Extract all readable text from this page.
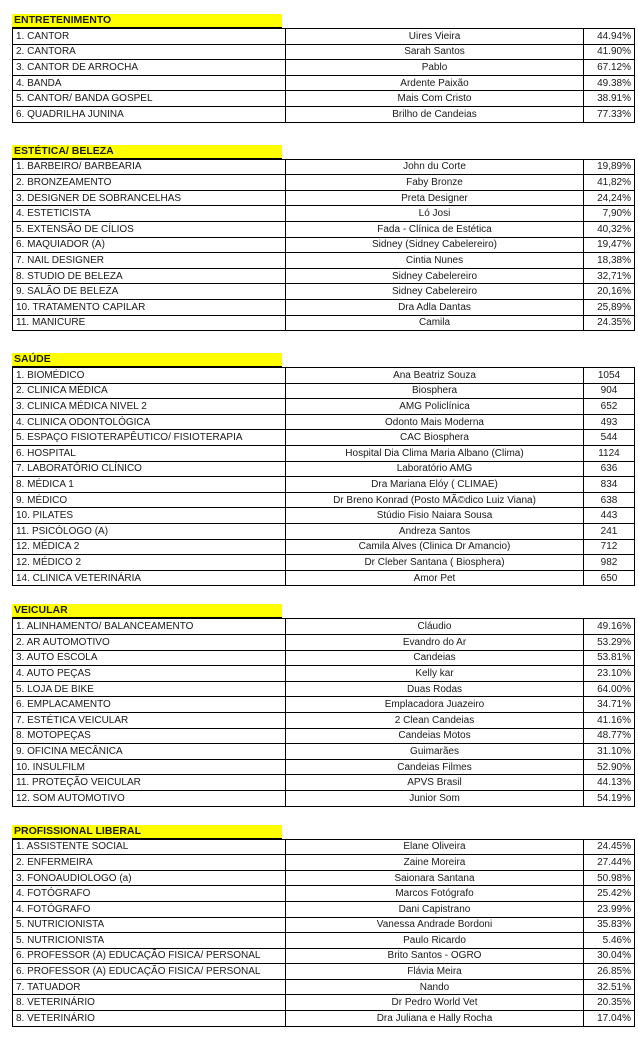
ENTRETENIMENTO
1. CANTOR	Uires Vieira	44.94%
2. CANTORA	Sarah Santos	41.90%
3. CANTOR DE ARROCHA	Pablo	67.12%
4. BANDA	Ardente Paixão	49.38%
5. CANTOR/ BANDA GOSPEL	Mais Com Cristo	38.91%
6. QUADRILHA JUNINA	Brilho de Candeias	77.33%
ESTÉTICA/ BELEZA
1. BARBEIRO/ BARBEARIA	John du Corte	19,89%
2. BRONZEAMENTO	Faby Bronze	41,82%
3. DESIGNER DE SOBRANCELHAS	Preta Designer	24,24%
4. ESTETICISTA	Ló Josi	7,90%
5. EXTENSÃO DE CÍLIOS	Fada - Clínica de Estética	40,32%
6. MAQUIADOR (A)	Sidney (Sidney Cabelereiro)	19,47%
7. NAIL DESIGNER	Cintia Nunes	18,38%
8. STUDIO DE BELEZA	Sidney Cabelereiro	32,71%
9. SALÃO DE BELEZA	Sidney Cabelereiro	20,16%
10. TRATAMENTO CAPILAR	Dra Adla Dantas	25,89%
11. MANICURE	Camila	24.35%
SAÚDE
1. BIOMÉDICO	Ana Beatriz Souza	1054
2. CLINICA MÉDICA	Biosphera	904
3. CLINICA MÉDICA NIVEL 2	AMG Policlínica	652
4. CLINICA ODONTOLÓGICA	Odonto Mais Moderna	493
5. ESPAÇO FISIOTERAPÊUTICO/ FISIOTERAPIA	CAC Biosphera	544
6. HOSPITAL	Hospital Dia Clima Maria Albano (Clima)	1124
7. LABORATÓRIO CLÍNICO	Laboratório AMG	636
8. MÉDICA 1	Dra Mariana Elóy ( CLIMAE)	834
9. MÉDICO	Dr Breno Konrad (Posto MÃ©dico Luiz Viana)	638
10. PILATES	Stúdio Fisio Naiara Sousa	443
11. PSICÓLOGO (A)	Andreza Santos	241
12. MÉDICA 2	Camila Alves (Clinica Dr Amancio)	712
12. MÉDICO 2	Dr Cleber Santana ( Biosphera)	982
14. CLINICA VETERINÁRIA	Amor Pet	650
VEICULAR
1. ALINHAMENTO/ BALANCEAMENTO	Cláudio	49.16%
2. AR AUTOMOTIVO	Evandro do Ar	53.29%
3. AUTO ESCOLA	Candeias	53.81%
4. AUTO PEÇAS	Kelly kar	23.10%
5. LOJA DE BIKE	Duas Rodas	64.00%
6. EMPLACAMENTO	Emplacadora Juazeiro	34.71%
7. ESTÉTICA VEICULAR	2 Clean Candeias	41.16%
8. MOTOPEÇAS	Candeias Motos	48.77%
9. OFICINA MECÂNICA	Guimarães	31.10%
10. INSULFILM	Candeias Filmes	52.90%
11. PROTEÇÃO VEICULAR	APVS Brasil	44.13%
12. SOM AUTOMOTIVO	Junior Som	54.19%
PROFISSIONAL LIBERAL
1. ASSISTENTE SOCIAL	Elane Oliveira	24.45%
2. ENFERMEIRA	Zaine Moreira	27.44%
3. FONOAUDIOLOGO (a)	Saionara Santana	50.98%
4. FOTÓGRAFO	Marcos Fotógrafo	25.42%
4. FOTÓGRAFO	Dani Capistrano	23.99%
5. NUTRICIONISTA	Vanessa Andrade Bordoni	35.83%
5. NUTRICIONISTA	Paulo Ricardo	5.46%
6. PROFESSOR (A) EDUCAÇÃO FISICA/ PERSONAL	Brito Santos - OGRO	30.04%
6. PROFESSOR (A) EDUCAÇÃO FISICA/ PERSONAL	Flávia Meira	26.85%
7. TATUADOR	Nando	32.51%
8. VETERINÁRIO	Dr Pedro World Vet	20.35%
8. VETERINÁRIO	Dra Juliana e Hally Rocha	17.04%
